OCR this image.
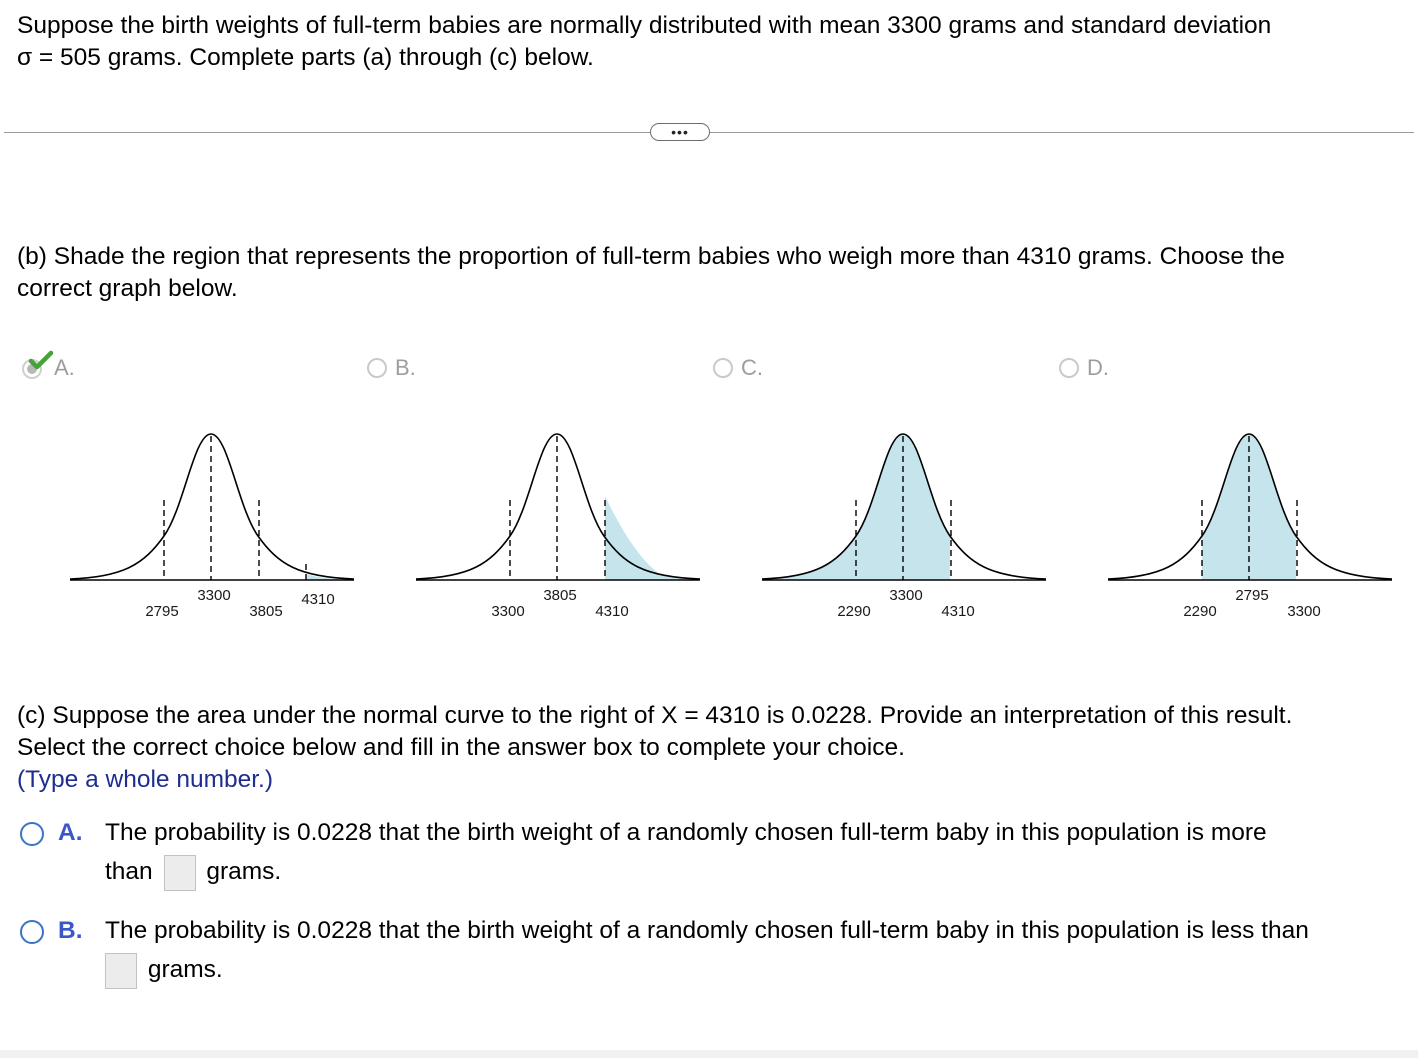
Suppose the birth weights of full-term babies are normally distributed with mean 3300 grams and standard deviation
σ = 505 grams. Complete parts (a) through (c) below.
•••
(b) Shade the region that represents the proportion of full-term babies who weigh more than 4310 grams. Choose the
correct graph below.
A.	B.	C.	D.
2795
3300
3805
4310
3300
3805
4310	2290
3300
4310	2290
2795
3300
(c) Suppose the area under the normal curve to the right of X = 4310 is 0.0228. Provide an interpretation of this result.
Select the correct choice below and fill in the answer box to complete your choice.
(Type a whole number.)
A. The probability is 0.0228 that the birth weight of a randomly chosen full-term baby in this population is more
than grams.
B. The probability is 0.0228 that the birth weight of a randomly chosen full-term baby in this population is less than
grams.
